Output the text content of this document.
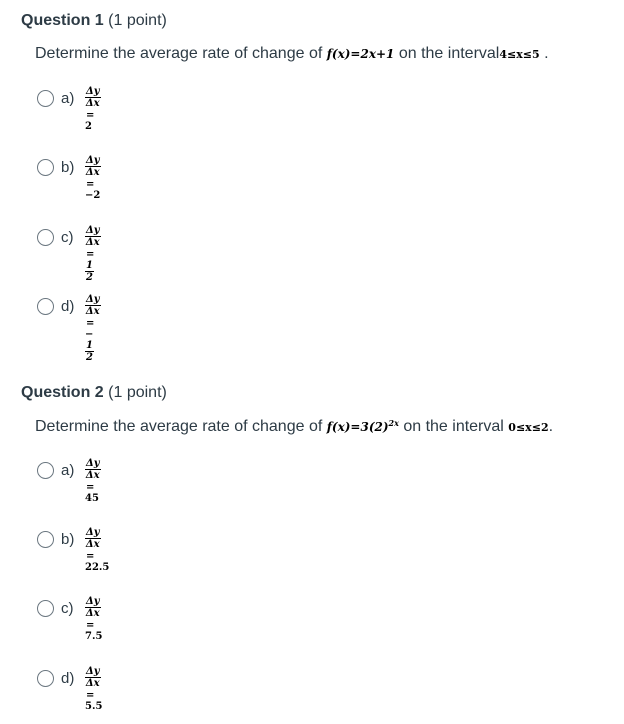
Question 1 (1 point)
Determine the average rate of change of f(x)=2x+1 on the interval4≤x≤5 .
$a) \frac{\Delta y}{\Delta x}$
=2
$b) \frac{\Delta y}{\Delta x}$
=−2
$c) \frac{\Delta y}{\Delta x}$
=
$\frac{1}{2}$
$d) \frac{\Delta y}{\Delta x}$
=−
$\frac{1}{2}$
Question 2 (1 point)
Determine the average rate of change of $f(x)=3(2)^{2x}$ on the interval 0≤x≤2.
$a) \frac{\Delta y}{\Delta x}$
=45
$b) \frac{\Delta y}{\Delta x}$
=22.5
$c) \frac{\Delta y}{\Delta x}$
=7.5
$d) \frac{\Delta y}{\Delta x}$
=5.5
